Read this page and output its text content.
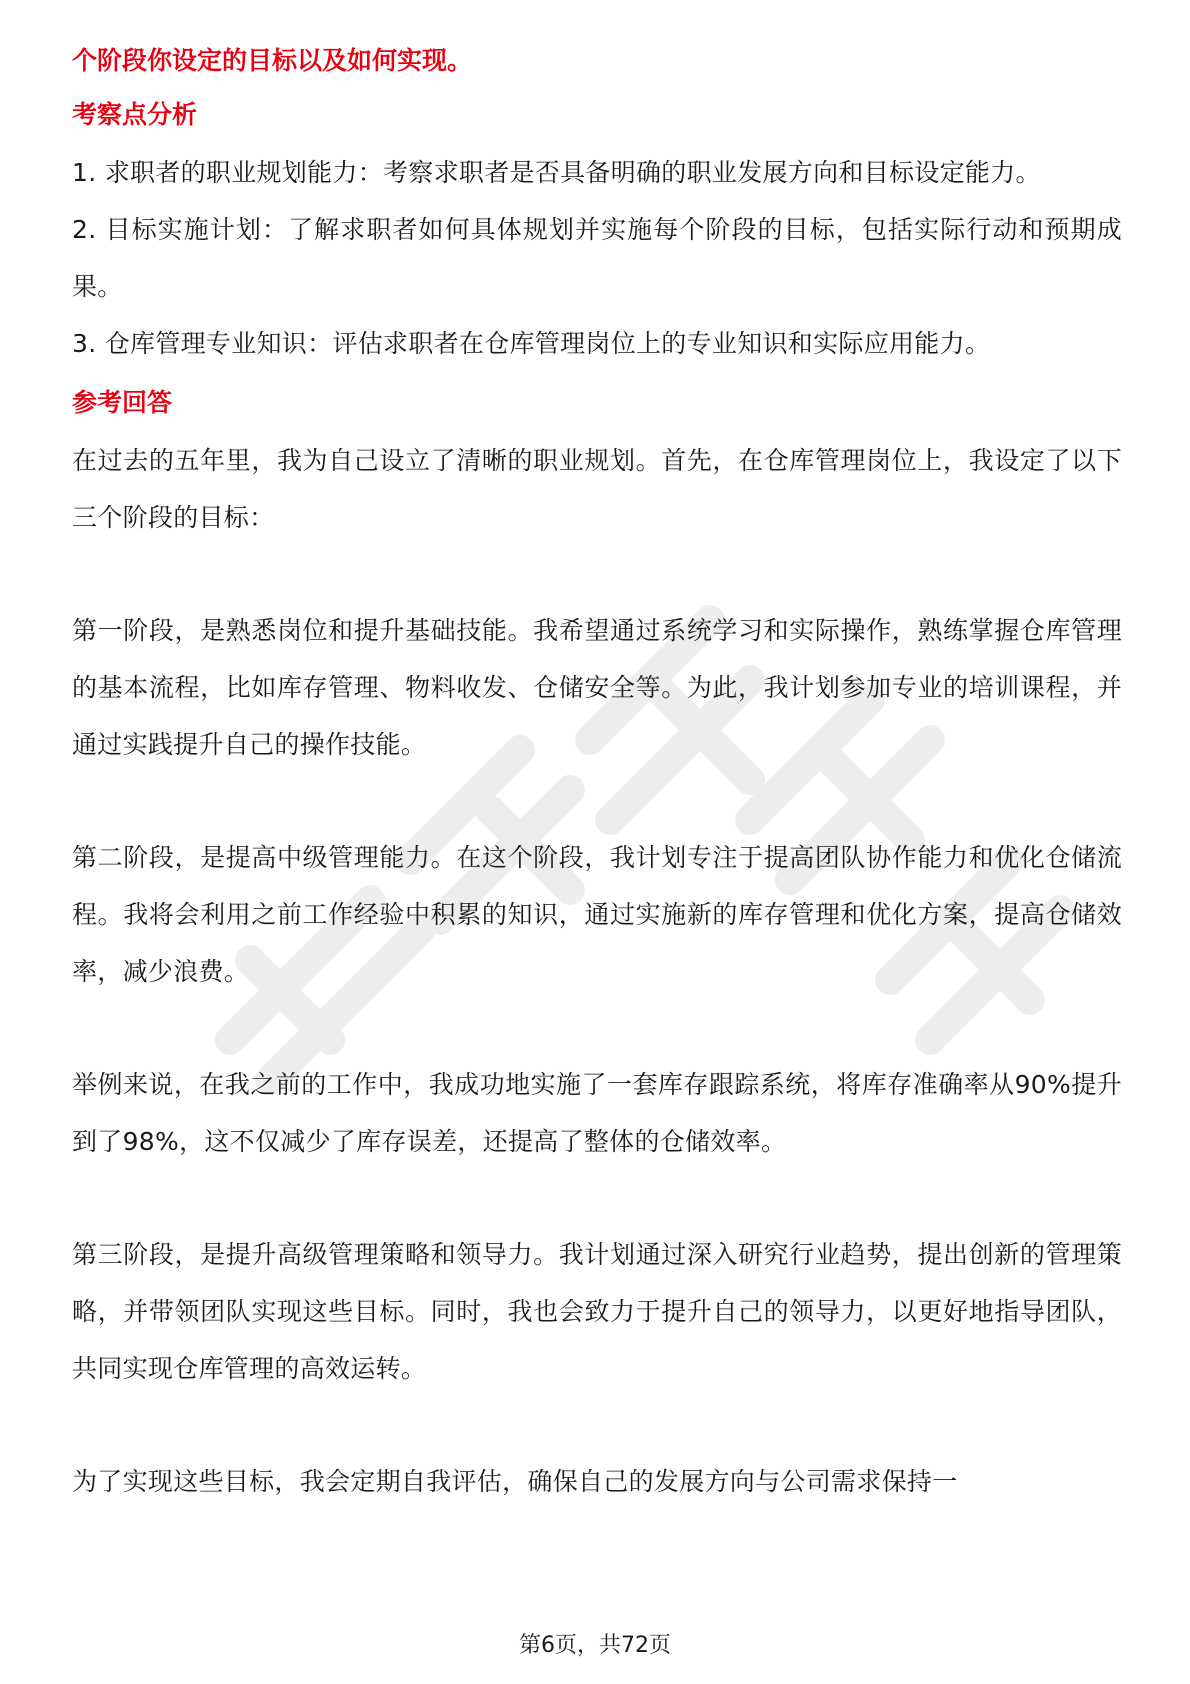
个阶段你设定的目标以及如何实现。

考察点分析

1. 求职者的职业规划能力：考察求职者是否具备明确的职业发展方向和目标设定能力。

2. 目标实施计划：了解求职者如何具体规划并实施每个阶段的目标，包括实际行动和预期成果。

3. 仓库管理专业知识：评估求职者在仓库管理岗位上的专业知识和实际应用能力。

参考回答

在过去的五年里，我为自己设立了清晰的职业规划。首先，在仓库管理岗位上，我设定了以下三个阶段的目标：

第一阶段，是熟悉岗位和提升基础技能。我希望通过系统学习和实际操作，熟练掌握仓库管理的基本流程，比如库存管理、物料收发、仓储安全等。为此，我计划参加专业的培训课程，并通过实践提升自己的操作技能。

第二阶段，是提高中级管理能力。在这个阶段，我计划专注于提高团队协作能力和优化仓储流程。我将会利用之前工作经验中积累的知识，通过实施新的库存管理和优化方案，提高仓储效率，减少浪费。

举例来说，在我之前的工作中，我成功地实施了一套库存跟踪系统，将库存准确率从90%提升到了98%，这不仅减少了库存误差，还提高了整体的仓储效率。

第三阶段，是提升高级管理策略和领导力。我计划通过深入研究行业趋势，提出创新的管理策略，并带领团队实现这些目标。同时，我也会致力于提升自己的领导力，以更好地指导团队，共同实现仓库管理的高效运转。

为了实现这些目标，我会定期自我评估，确保自己的发展方向与公司需求保持一

第6页，共72页
